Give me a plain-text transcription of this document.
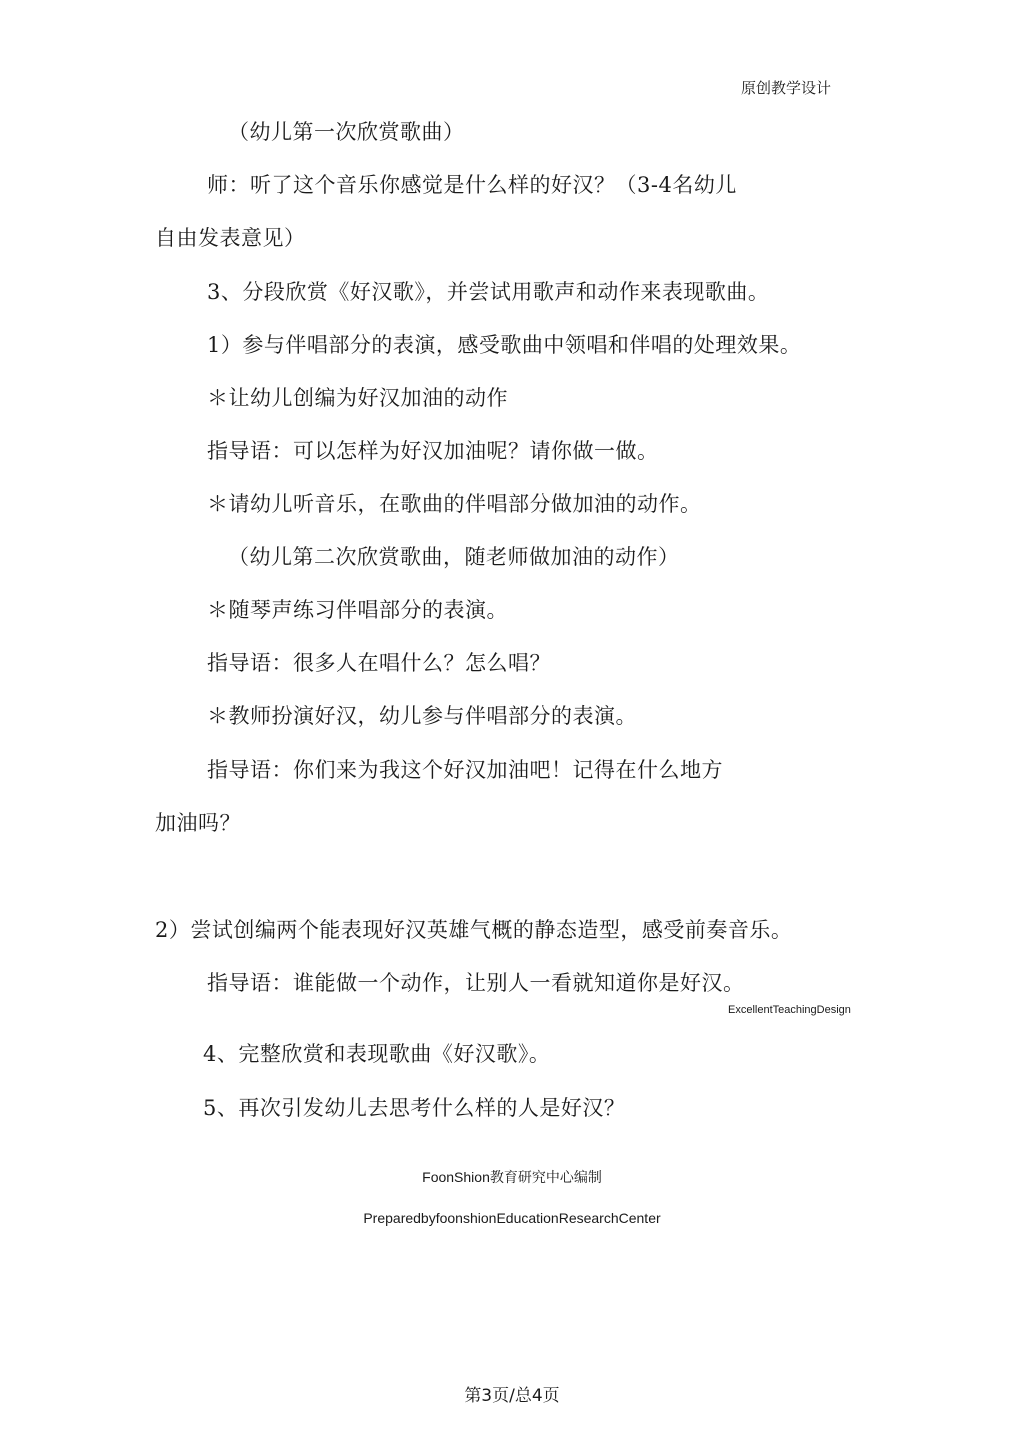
原创教学设计
（幼儿第一次欣赏歌曲）
师：听了这个音乐你感觉是什么样的好汉？（3-4名幼儿
自由发表意见）
3、分段欣赏《好汉歌》，并尝试用歌声和动作来表现歌曲。
1）参与伴唱部分的表演，感受歌曲中领唱和伴唱的处理效果。
＊让幼儿创编为好汉加油的动作
指导语：可以怎样为好汉加油呢？请你做一做。
＊请幼儿听音乐，在歌曲的伴唱部分做加油的动作。
（幼儿第二次欣赏歌曲，随老师做加油的动作）
＊随琴声练习伴唱部分的表演。
指导语：很多人在唱什么？怎么唱？
＊教师扮演好汉，幼儿参与伴唱部分的表演。
指导语：你们来为我这个好汉加油吧！记得在什么地方
加油吗？
2）尝试创编两个能表现好汉英雄气概的静态造型，感受前奏音乐。
指导语：谁能做一个动作，让别人一看就知道你是好汉。
ExcellentTeachingDesign
4、完整欣赏和表现歌曲《好汉歌》。
5、再次引发幼儿去思考什么样的人是好汉？
FoonShion教育研究中心编制
PreparedbyfoonshionEducationResearchCenter
第3页/总4页
